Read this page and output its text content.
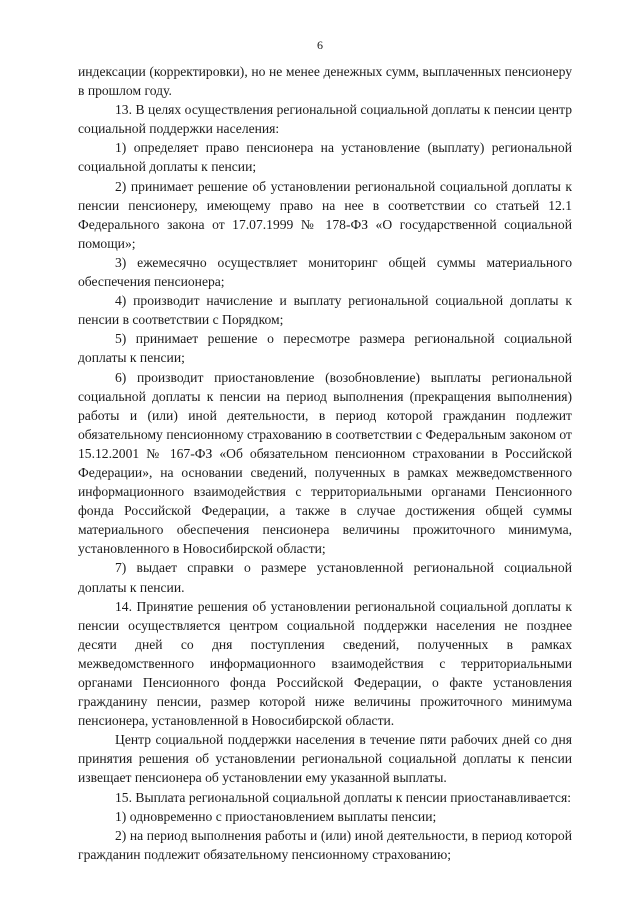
6

индексации (корректировки), но не менее денежных сумм, выплаченных пенсионеру в прошлом году.

13. В целях осуществления региональной социальной доплаты к пенсии центр социальной поддержки населения:

1) определяет право пенсионера на установление (выплату) региональной социальной доплаты к пенсии;

2) принимает решение об установлении региональной социальной доплаты к пенсии пенсионеру, имеющему право на нее в соответствии со статьей 12.1 Федерального закона от 17.07.1999 № 178-ФЗ «О государственной социальной помощи»;

3) ежемесячно осуществляет мониторинг общей суммы материального обеспечения пенсионера;

4) производит начисление и выплату региональной социальной доплаты к пенсии в соответствии с Порядком;

5) принимает решение о пересмотре размера региональной социальной доплаты к пенсии;

6) производит приостановление (возобновление) выплаты региональной социальной доплаты к пенсии на период выполнения (прекращения выполнения) работы и (или) иной деятельности, в период которой гражданин подлежит обязательному пенсионному страхованию в соответствии с Федеральным законом от 15.12.2001 № 167-ФЗ «Об обязательном пенсионном страховании в Российской Федерации», на основании сведений, полученных в рамках межведомственного информационного взаимодействия с территориальными органами Пенсионного фонда Российской Федерации, а также в случае достижения общей суммы материального обеспечения пенсионера величины прожиточного минимума, установленного в Новосибирской области;

7) выдает справки о размере установленной региональной социальной доплаты к пенсии.

14. Принятие решения об установлении региональной социальной доплаты к пенсии осуществляется центром социальной поддержки населения не позднее десяти дней со дня поступления сведений, полученных в рамках межведомственного информационного взаимодействия с территориальными органами Пенсионного фонда Российской Федерации, о факте установления гражданину пенсии, размер которой ниже величины прожиточного минимума пенсионера, установленной в Новосибирской области.

Центр социальной поддержки населения в течение пяти рабочих дней со дня принятия решения об установлении региональной социальной доплаты к пенсии извещает пенсионера об установлении ему указанной выплаты.

15. Выплата региональной социальной доплаты к пенсии приостанавливается:

1) одновременно с приостановлением выплаты пенсии;

2) на период выполнения работы и (или) иной деятельности, в период которой гражданин подлежит обязательному пенсионному страхованию;
